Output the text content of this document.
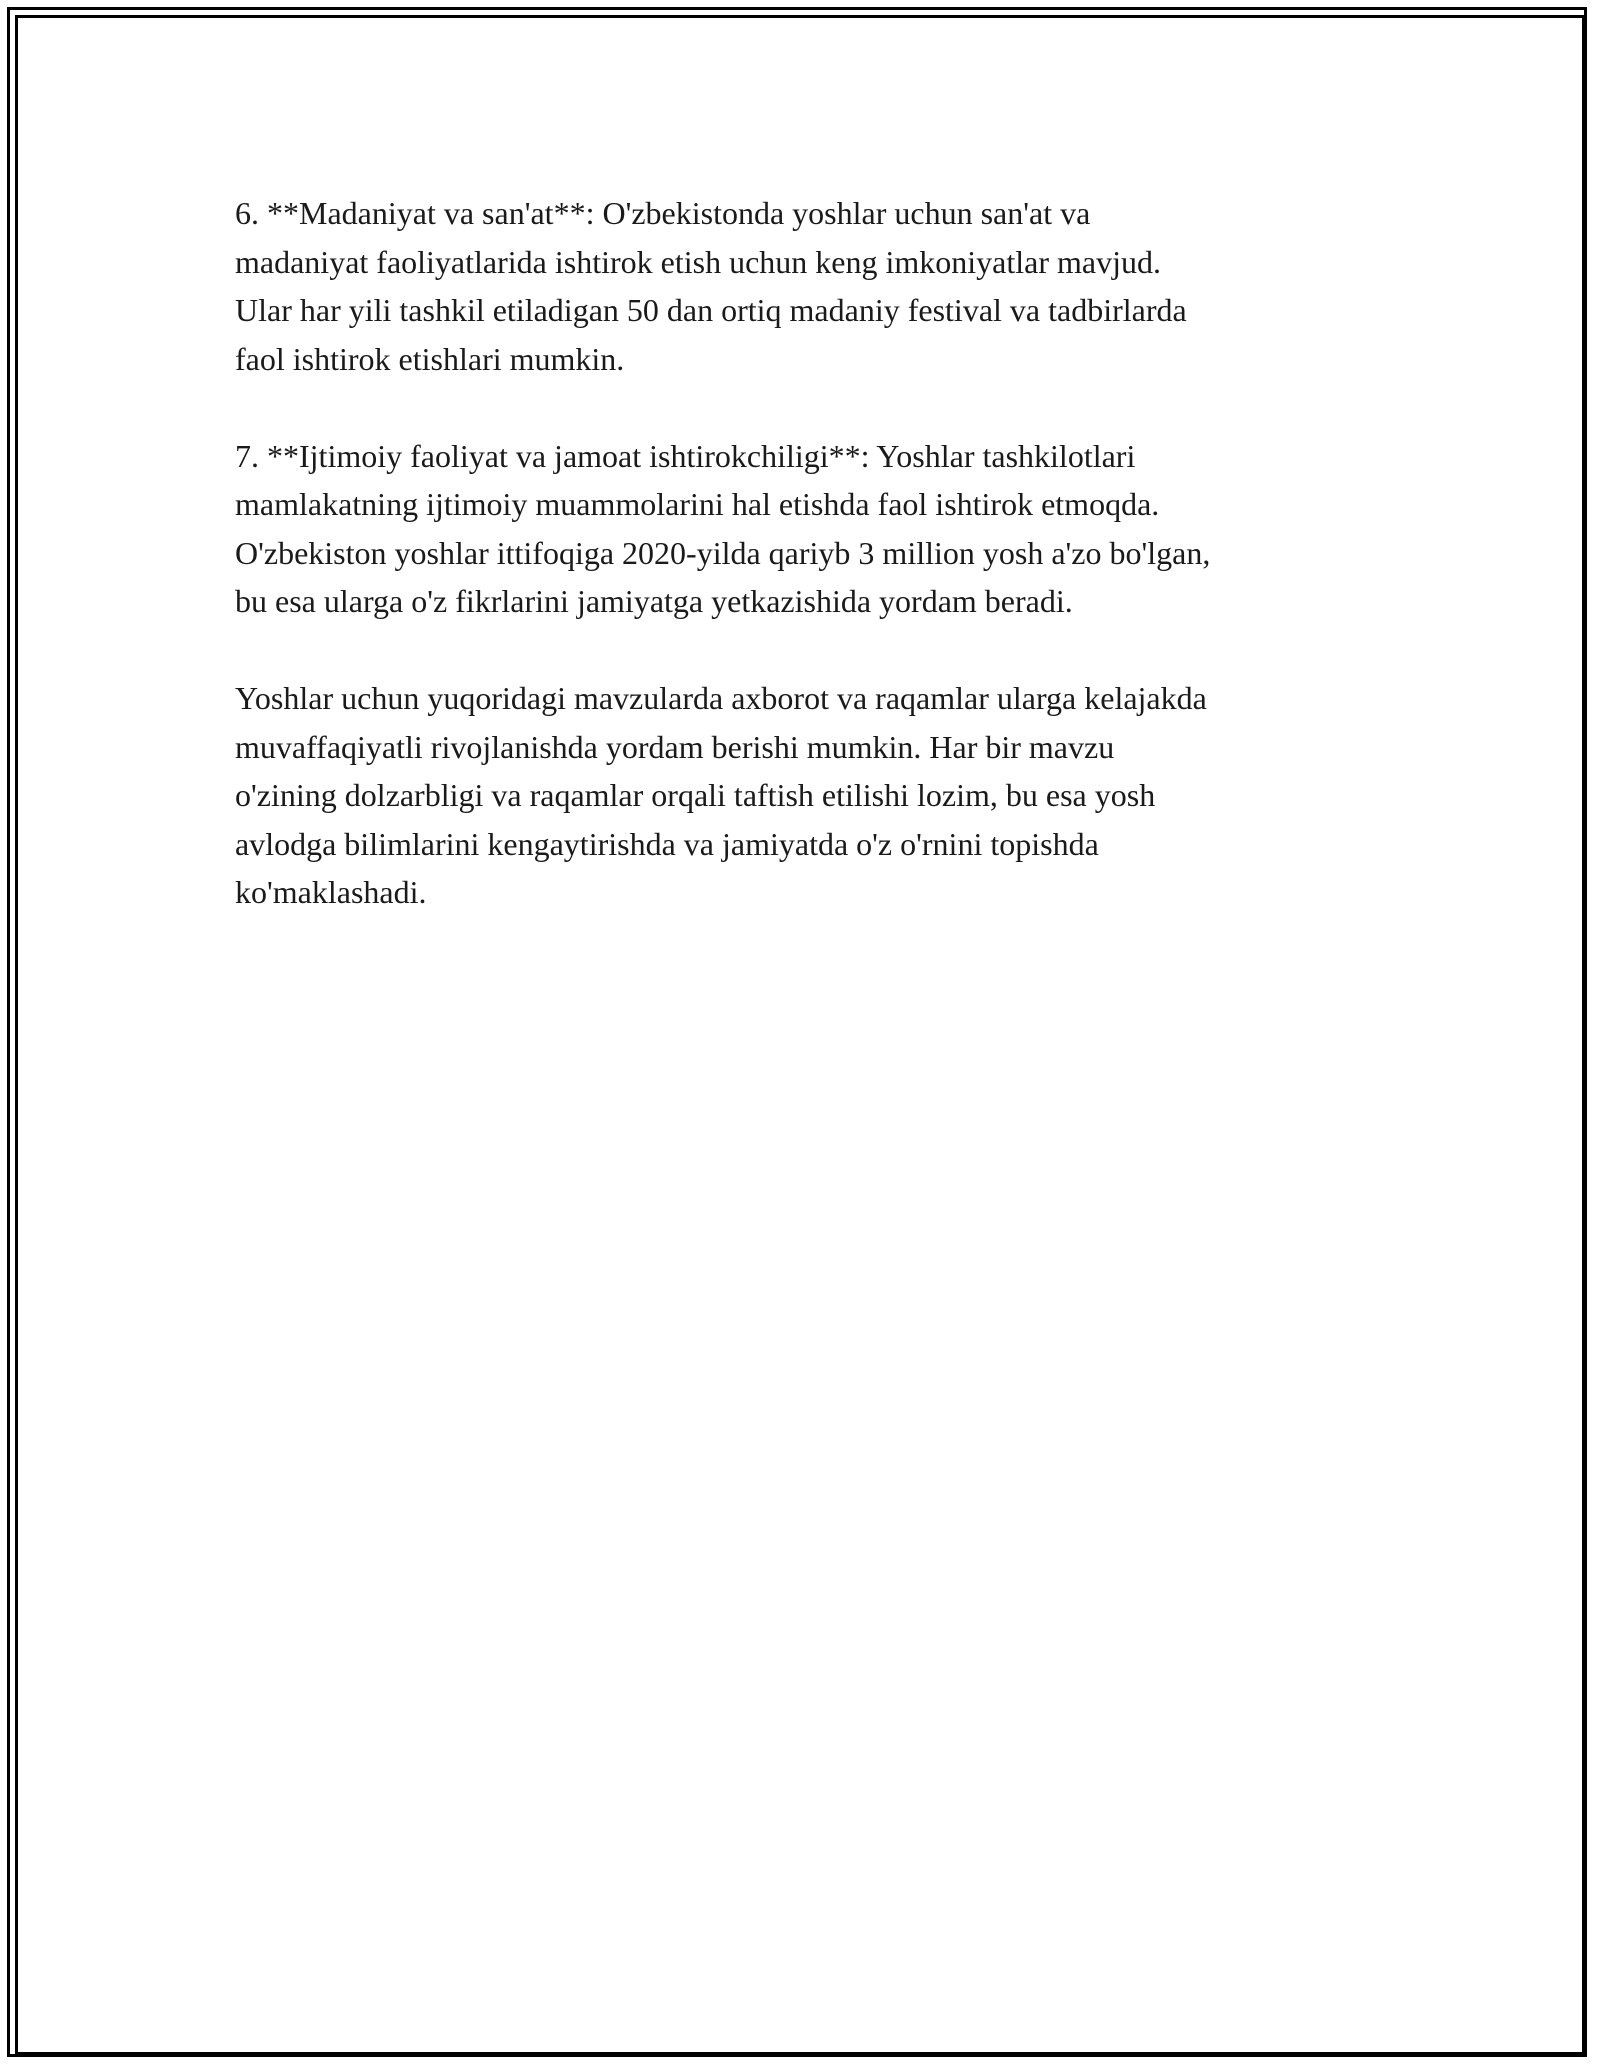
6. **Madaniyat va san'at**: O'zbekistonda yoshlar uchun san'at va
madaniyat faoliyatlarida ishtirok etish uchun keng imkoniyatlar mavjud.
Ular har yili tashkil etiladigan 50 dan ortiq madaniy festival va tadbirlarda
faol ishtirok etishlari mumkin.

7. **Ijtimoiy faoliyat va jamoat ishtirokchiligi**: Yoshlar tashkilotlari
mamlakatning ijtimoiy muammolarini hal etishda faol ishtirok etmoqda.
O'zbekiston yoshlar ittifoqiga 2020-yilda qariyb 3 million yosh a'zo bo'lgan,
bu esa ularga o'z fikrlarini jamiyatga yetkazishida yordam beradi.

Yoshlar uchun yuqoridagi mavzularda axborot va raqamlar ularga kelajakda
muvaffaqiyatli rivojlanishda yordam berishi mumkin. Har bir mavzu
o'zining dolzarbligi va raqamlar orqali taftish etilishi lozim, bu esa yosh
avlodga bilimlarini kengaytirishda va jamiyatda o'z o'rnini topishda
ko'maklashadi.
